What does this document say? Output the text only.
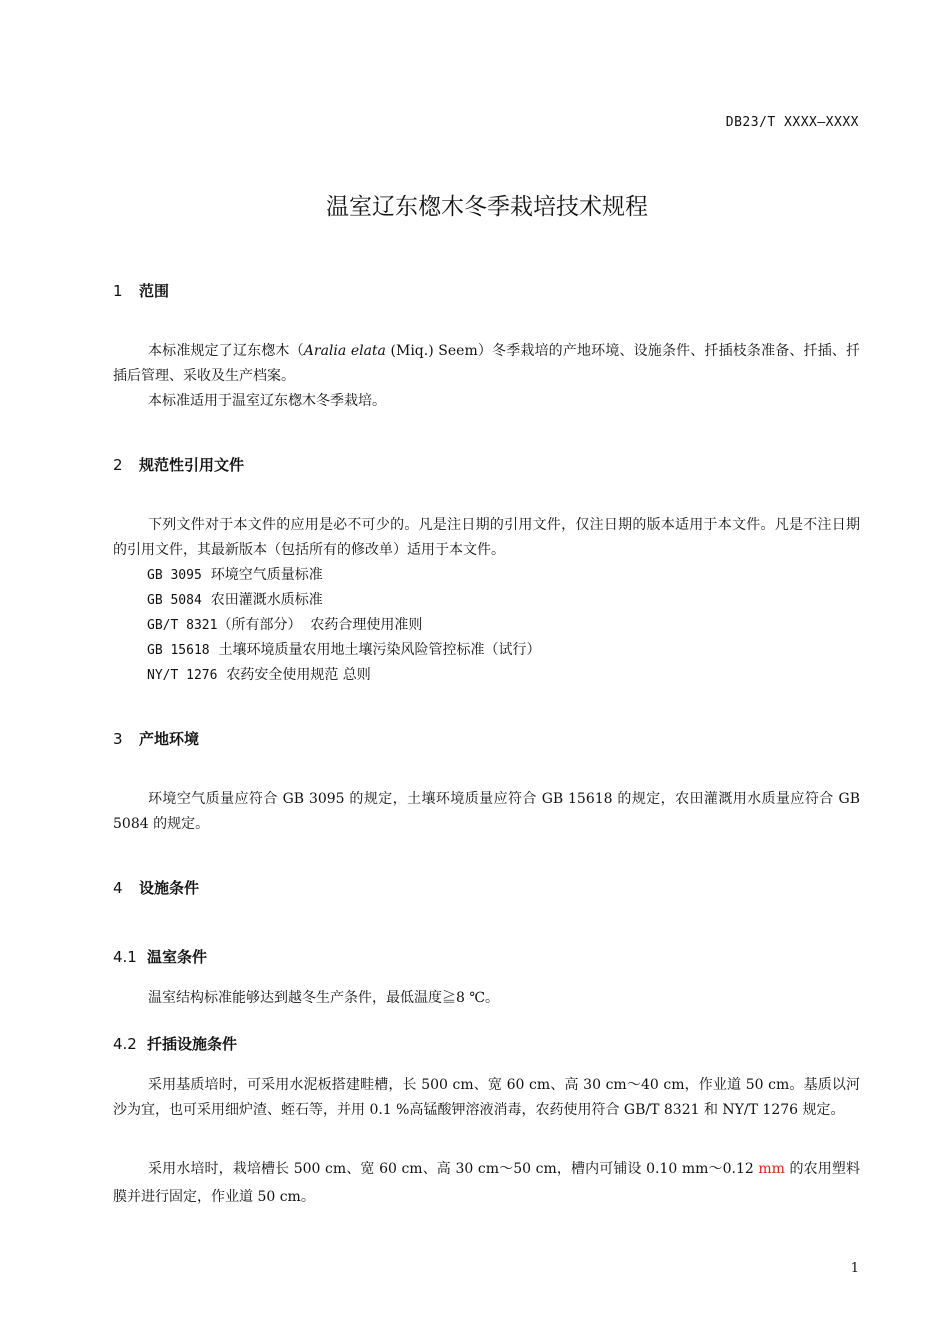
DB23/T XXXX—XXXX
温室辽东楤木冬季栽培技术规程
1 范围
本标准规定了辽东楤木（Aralia elata (Miq.) Seem）冬季栽培的产地环境、设施条件、扦插枝条准备、扦插、扦插后管理、采收及生产档案。
本标准适用于温室辽东楤木冬季栽培。
2 规范性引用文件
下列文件对于本文件的应用是必不可少的。凡是注日期的引用文件，仅注日期的版本适用于本文件。凡是不注日期的引用文件，其最新版本（包括所有的修改单）适用于本文件。
GB 3095 环境空气质量标准
GB 5084 农田灌溉水质标准
GB/T 8321（所有部分）  农药合理使用准则
GB 15618 土壤环境质量农用地土壤污染风险管控标准（试行）
NY/T 1276 农药安全使用规范 总则
3 产地环境
环境空气质量应符合 GB 3095 的规定，土壤环境质量应符合 GB 15618 的规定，农田灌溉用水质量应符合 GB 5084 的规定。
4 设施条件
4.1 温室条件
温室结构标准能够达到越冬生产条件，最低温度≧8 ℃。
4.2 扦插设施条件
采用基质培时，可采用水泥板搭建畦槽，长 500 cm、宽 60 cm、高 30 cm～40 cm，作业道 50 cm。基质以河沙为宜，也可采用细炉渣、蛭石等，并用 0.1 %高锰酸钾溶液消毒，农药使用符合 GB/T 8321 和 NY/T 1276 规定。
采用水培时，栽培槽长 500 cm、宽 60 cm、高 30 cm～50 cm，槽内可铺设 0.10 mm～0.12 mm 的农用塑料膜并进行固定，作业道 50 cm。
1
